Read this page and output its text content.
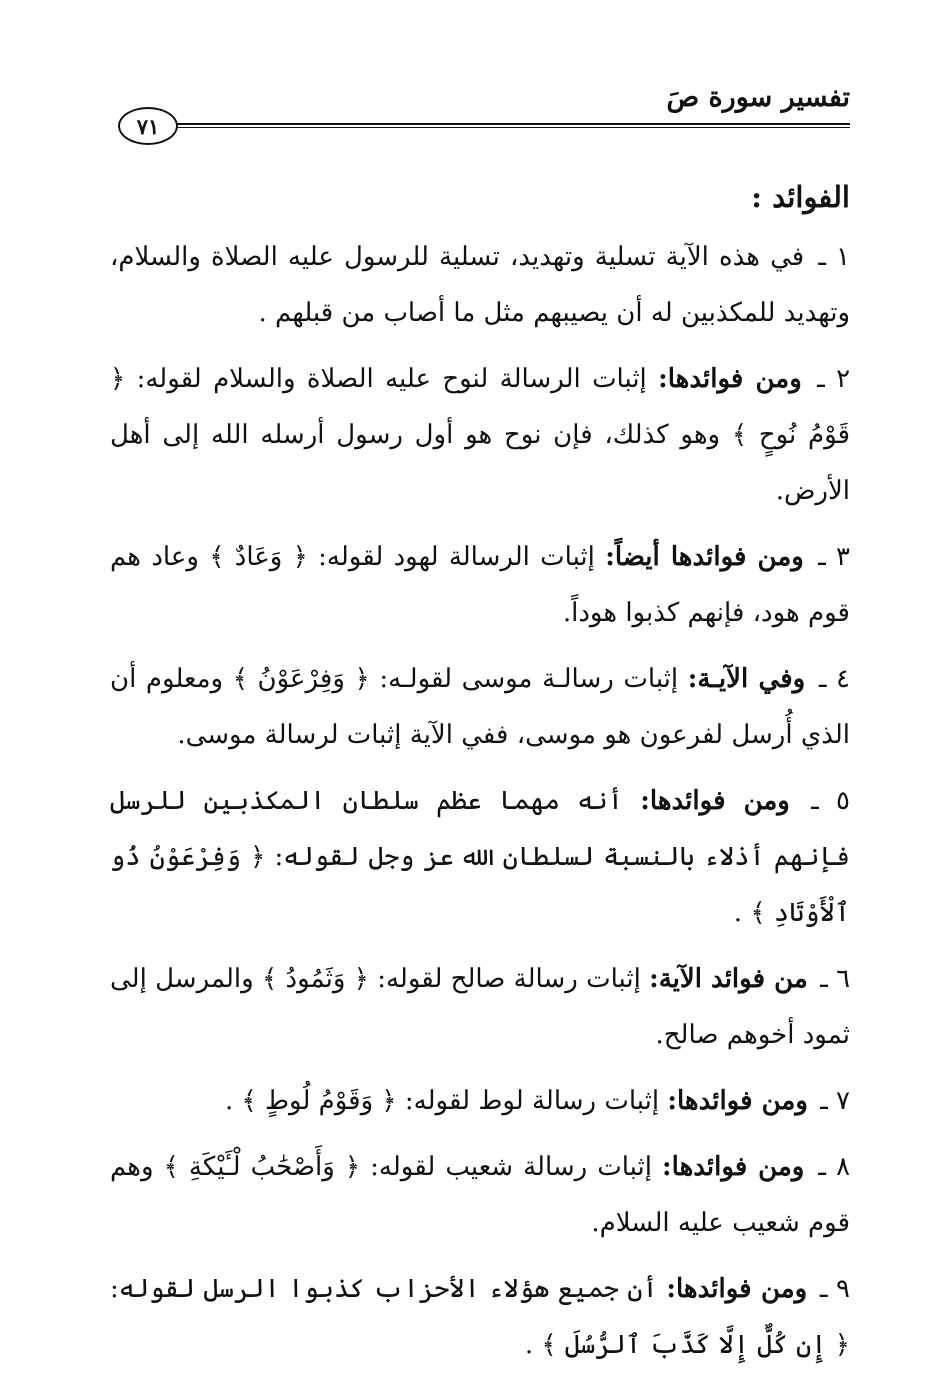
تفسير سورة صَ
٧١
الفوائد :

١ ـ في هذه الآية تسلية وتهديد، تسلية للرسول عليه الصلاة والسلام، وتهديد للمكذبين له أن يصيبهم مثل ما أصاب من قبلهم .

٢ ـ ومن فوائدها: إثبات الرسالة لنوح عليه الصلاة والسلام لقوله: ﴿ قَوْمُ نُوحٍ ﴾ وهو كذلك، فإن نوح هو أول رسول أرسله الله إلى أهل الأرض.

٣ ـ ومن فوائدها أيضاً: إثبات الرسالة لهود لقوله: ﴿ وَعَادٌ ﴾ وعاد هم قوم هود، فإنهم كذبوا هوداً.

٤ ـ وفي الآيـة: إثبات رسالـة موسى لقولـه: ﴿ وَفِرْعَوْنُ ﴾ ومعلوم أن الذي أُرسل لفرعون هو موسى، ففي الآية إثبات لرسالة موسى.

٥ ـ ومن فوائدها: أنه مهما عظم سلطان المكذبين للرسل فإنهم أذلاء بالنسبة لسلطان الله عز وجل لقوله: ﴿ وَفِرْعَوْنُ ذُو ٱلْأَوْتَادِ ﴾ .

٦ ـ من فوائد الآية: إثبات رسالة صالح لقوله: ﴿ وَثَمُودُ ﴾ والمرسل إلى ثمود أخوهم صالح.

٧ ـ ومن فوائدها: إثبات رسالة لوط لقوله: ﴿ وَقَوْمُ لُوطٍ ﴾ .

٨ ـ ومن فوائدها: إثبات رسالة شعيب لقوله: ﴿ وَأَصْحَٰبُ لْـَٔيْكَةِ ﴾ وهم قوم شعيب عليه السلام.

٩ ـ ومن فوائدها: أن جميع هؤلاء الأحزاب كذبوا الرسل لقوله: ﴿ إِن كُلٌّ إِلَّا كَذَّبَ ٱلرُّسُلَ ﴾ .
